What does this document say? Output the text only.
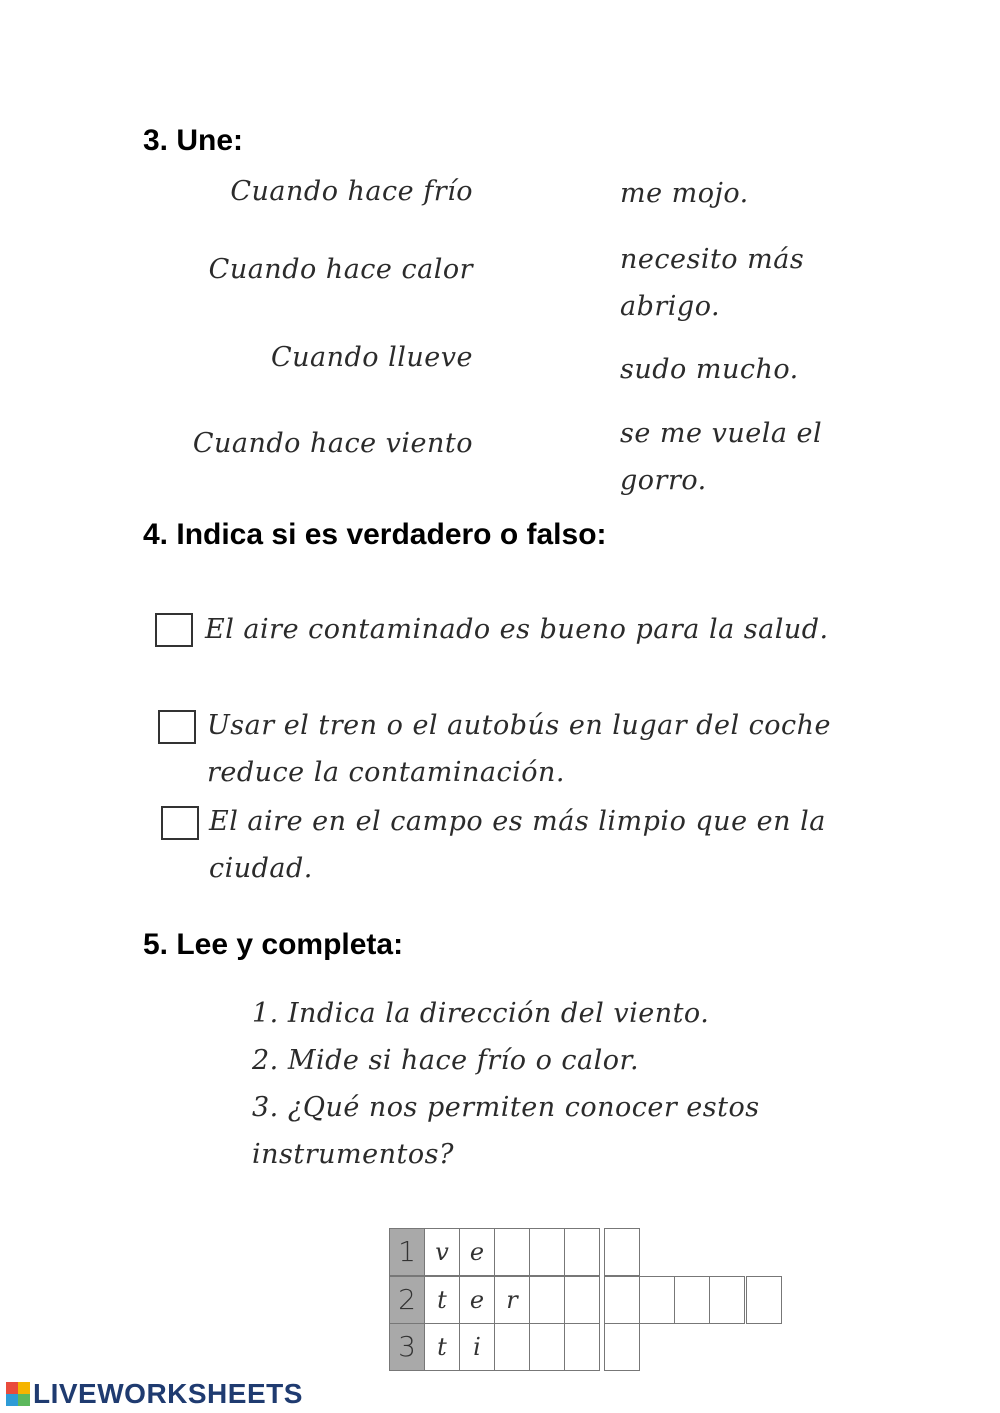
3. Une:
Cuando hace frío
Cuando hace calor
Cuando llueve
Cuando hace viento
me mojo.
necesito más abrigo.
sudo mucho.
se me vuela el gorro.
4. Indica si es verdadero o falso:
El aire contaminado es bueno para la salud.
Usar el tren o el autobús en lugar del coche reduce la contaminación.
El aire en el campo es más limpio que en la ciudad.
5. Lee y completa:
1. Indica la dirección del viento.
2. Mide si hace frío o calor.
3. ¿Qué nos permiten conocer estos instrumentos?
1 v e
2 t e r
3 t	i
LIVEWORKSHEETS
